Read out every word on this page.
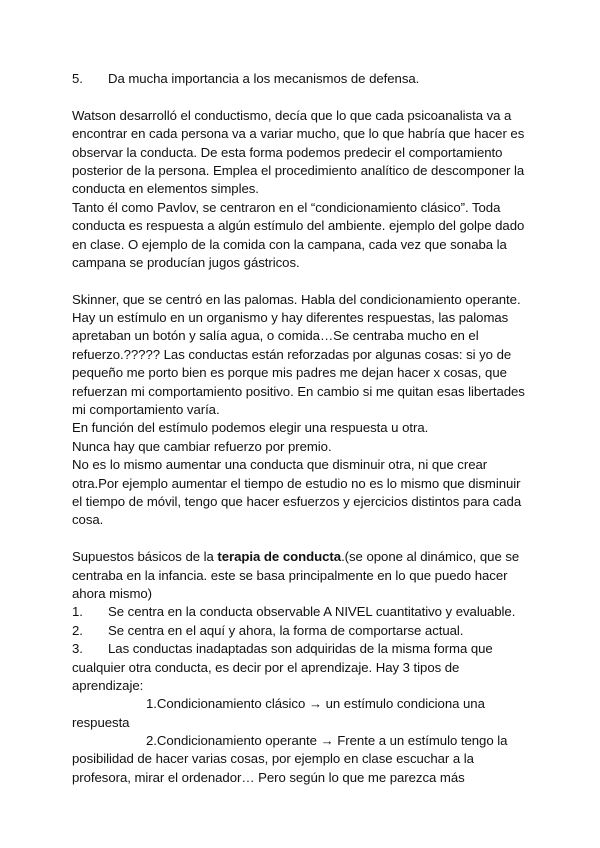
5. Da mucha importancia a los mecanismos de defensa.
Watson desarrolló el conductismo, decía que lo que cada psicoanalista va a
encontrar en cada persona va a variar mucho, que lo que habría que hacer es
observar la conducta. De esta forma podemos predecir el comportamiento
posterior de la persona. Emplea el procedimiento analítico de descomponer la
conducta en elementos simples.
Tanto él como Pavlov, se centraron en el “condicionamiento clásico”. Toda
conducta es respuesta a algún estímulo del ambiente. ejemplo del golpe dado
en clase. O ejemplo de la comida con la campana, cada vez que sonaba la
campana se producían jugos gástricos.
Skinner, que se centró en las palomas. Habla del condicionamiento operante.
Hay un estímulo en un organismo y hay diferentes respuestas, las palomas
apretaban un botón y salía agua, o comida…Se centraba mucho en el
refuerzo.????? Las conductas están reforzadas por algunas cosas: si yo de
pequeño me porto bien es porque mis padres me dejan hacer x cosas, que
refuerzan mi comportamiento positivo. En cambio si me quitan esas libertades
mi comportamiento varía.
En función del estímulo podemos elegir una respuesta u otra.
Nunca hay que cambiar refuerzo por premio.
No es lo mismo aumentar una conducta que disminuir otra, ni que crear
otra.Por ejemplo aumentar el tiempo de estudio no es lo mismo que disminuir
el tiempo de móvil, tengo que hacer esfuerzos y ejercicios distintos para cada
cosa.
Supuestos básicos de la terapia de conducta.(se opone al dinámico, que se
centraba en la infancia. este se basa principalmente en lo que puedo hacer
ahora mismo)
1. Se centra en la conducta observable A NIVEL cuantitativo y evaluable.
2. Se centra en el aquí y ahora, la forma de comportarse actual.
3. Las conductas inadaptadas son adquiridas de la misma forma que
cualquier otra conducta, es decir por el aprendizaje. Hay 3 tipos de
aprendizaje:
1.Condicionamiento clásico → un estímulo condiciona una
respuesta
2.Condicionamiento operante → Frente a un estímulo tengo la
posibilidad de hacer varias cosas, por ejemplo en clase escuchar a la
profesora, mirar el ordenador… Pero según lo que me parezca más
